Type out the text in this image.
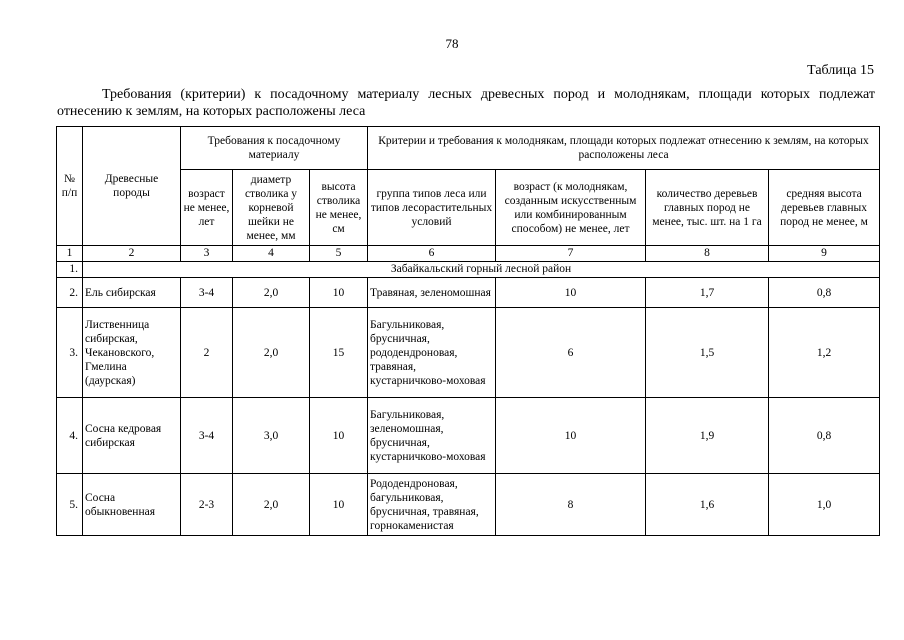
78
Таблица 15

Требования (критерии) к посадочному материалу лесных древесных пород и молоднякам, площади которых подлежат отнесению к землям, на которых расположены леса

№ п/п	Древесные породы	Требования к посадочному материалу			Критерии и требования к молоднякам, площади которых подлежат отнесению к землям, на которых расположены леса			
		возраст не менее, лет	диаметр стволика у корневой шейки не менее, мм	высота стволика не менее, см	группа типов леса или типов лесорастительных условий	возраст (к молоднякам, созданным искусственным или комбинированным способом) не менее, лет	количество деревьев главных пород не менее, тыс. шт. на 1 га	средняя высота деревьев главных пород не менее, м
1	2	3	4	5	6	7	8	9
1.	Забайкальский горный лесной район							
2.	Ель сибирская	3-4	2,0	10	Травяная, зеленомошная	10	1,7	0,8
3.	Лиственница сибирская, Чекановского, Гмелина (даурская)	2	2,0	15	Багульниковая, брусничная, рододендроновая, травяная, кустарничково-моховая	6	1,5	1,2
4.	Сосна кедровая сибирская	3-4	3,0	10	Багульниковая, зеленомошная, брусничная, кустарничково-моховая	10	1,9	0,8
5.	Сосна обыкновенная	2-3	2,0	10	Рододендроновая, багульниковая, брусничная, травяная, горнокаменистая	8	1,6	1,0
